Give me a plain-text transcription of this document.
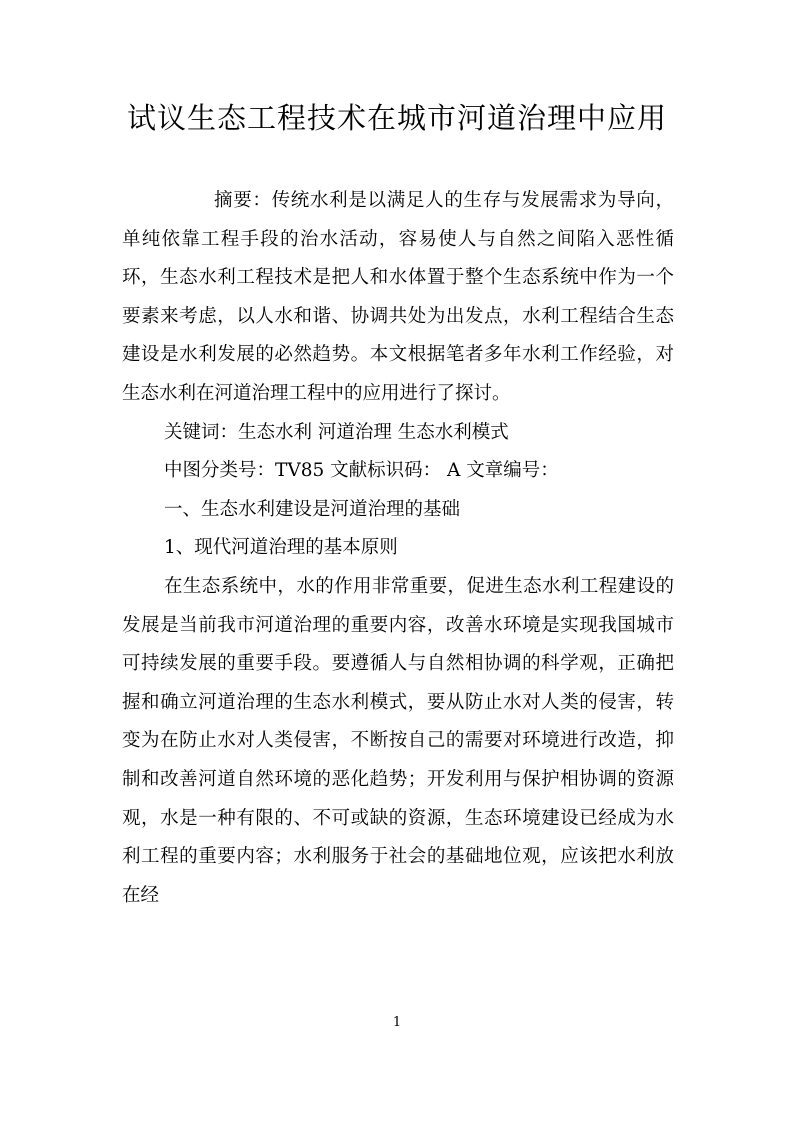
试议生态工程技术在城市河道治理中应用

摘要：传统水利是以满足人的生存与发展需求为导向，单纯依靠工程手段的治水活动，容易使人与自然之间陷入恶性循环，生态水利工程技术是把人和水体置于整个生态系统中作为一个要素来考虑，以人水和谐、协调共处为出发点，水利工程结合生态建设是水利发展的必然趋势。本文根据笔者多年水利工作经验，对生态水利在河道治理工程中的应用进行了探讨。

关键词：生态水利 河道治理 生态水利模式

中图分类号：TV85 文献标识码： A 文章编号：

一、生态水利建设是河道治理的基础

1、现代河道治理的基本原则

在生态系统中，水的作用非常重要，促进生态水利工程建设的发展是当前我市河道治理的重要内容，改善水环境是实现我国城市可持续发展的重要手段。要遵循人与自然相协调的科学观，正确把握和确立河道治理的生态水利模式，要从防止水对人类的侵害，转变为在防止水对人类侵害，不断按自己的需要对环境进行改造，抑制和改善河道自然环境的恶化趋势；开发利用与保护相协调的资源观，水是一种有限的、不可或缺的资源，生态环境建设已经成为水利工程的重要内容；水利服务于社会的基础地位观，应该把水利放在经

1
